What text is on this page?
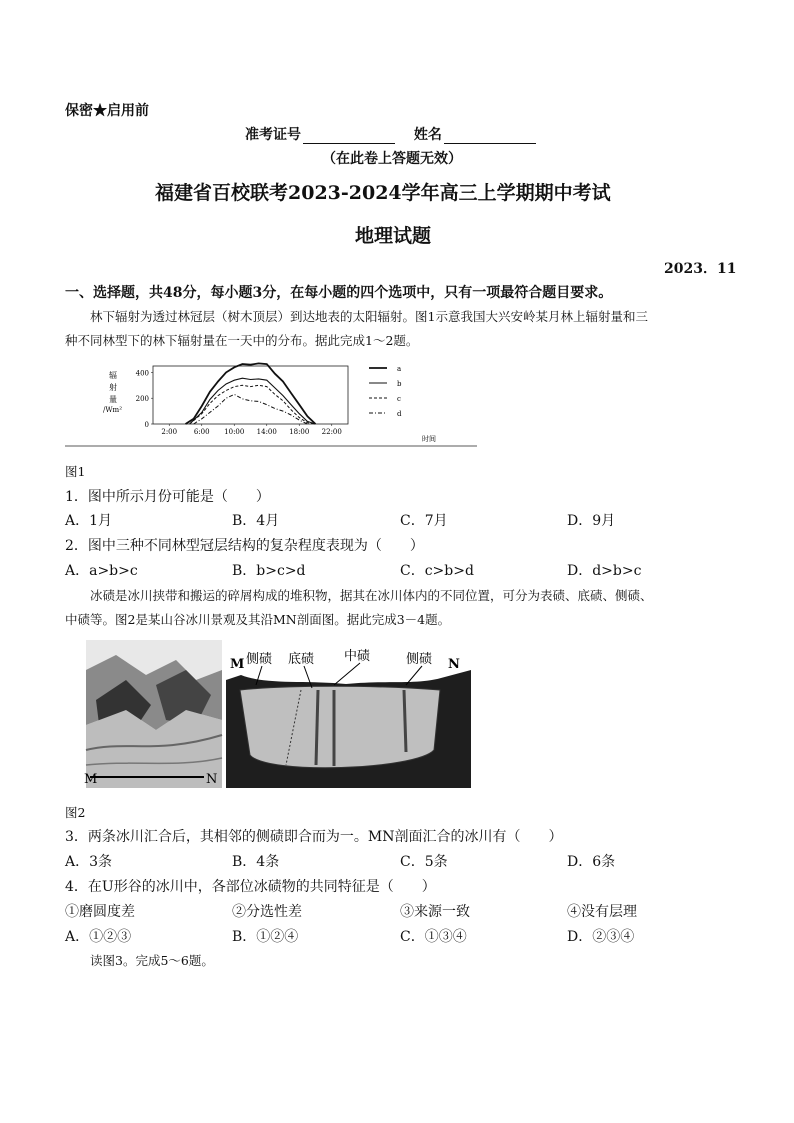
保密★启用前
准考证号	姓名
（在此卷上答题无效）
福建省百校联考2023-2024学年高三上学期期中考试
地理试题
2023．11
一、选择题，共48分，每小题3分，在每小题的四个选项中，只有一项最符合题目要求。
林下辐射为透过林冠层（树木顶层）到达地表的太阳辐射。图1示意我国大兴安岭某月林上辐射量和三
种不同林型下的林下辐射量在一天中的分布。据此完成1～2题。
辐
射
量
/Wm²
0
200
400
2:00 6:00 10:00 14:00 18:00 22:00
a
b
c
d
时间
图1
1．图中所示月份可能是（　　）
A．1月	B．4月	C．7月	D．9月
2．图中三种不同林型冠层结构的复杂程度表现为（　　）
A．a>b>c	B．b>c>d	C．c>b>d	D．d>b>c
冰碛是冰川挟带和搬运的碎屑构成的堆积物，据其在冰川体内的不同位置，可分为表碛、底碛、侧碛、
中碛等。图2是某山谷冰川景观及其沿MN剖面图。据此完成3－4题。
M	N
M	N
侧碛 底碛 中碛	侧碛
图2
3．两条冰川汇合后，其相邻的侧碛即合而为一。MN剖面汇合的冰川有（　　）
A．3条	B．4条	C．5条	D．6条
4．在U形谷的冰川中，各部位冰碛物的共同特征是（　　）
①磨圆度差	②分选性差	③来源一致	④没有层理
A．①②③	B．①②④	C．①③④	D．②③④
读图3。完成5～6题。
